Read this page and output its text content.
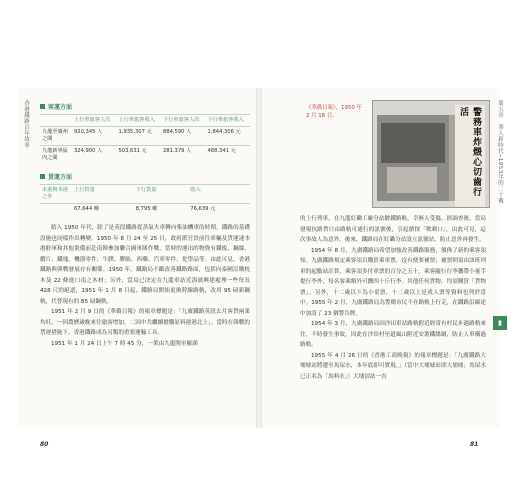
香港鐵路百年故事	第五章　華人新時代─1953年的二十載
客運方面
	上行車旅客人次	上行車旅客收入	下行車旅客人次	下行車旅客收入
九龍至廣州之間	920,345 人	1,935,307 元	884,590 人	1,844,306 元
九龍新界區內之間	324,900 人	503,631 元	281,379 人	488,341 元
貨運方面
本港與本港之外	上行貨量	下行貨量	收入
	67,644 噸	8,795 噸	76,639 元

踏入 1950 年代，除了是英段鐵路從蒸氣火車轉向柴油機車的時期，鐵路的基礎設施也同樣作出轉變。1950 年 8 月 24 至 25 日，政府派官員前往車輛及貨運速本港駐軍和其他裝備前赴南韓參加聯合國軍隊作戰，當時的運出的物資有鐵板、鋼絲、纜片、鐵塊、機器零件、牛膠、膠胎、西藥、汽車零件、化學品等。由此可見，香港鐵路與韓戰發展存有關係。1950 年，鐵路局不斷改善鐵路路面，包括向泰國訂購枕木及 22 條進口南之木材；另外，當局已決定在九龍車站近海濱興建處理一些每長 428 尺的絕道，1951 年 1 月 8 日起，鐵路局開始更換幹線路軌，改用 95 磅新鋼軌，代替現有的 85 磅鋼軌。

1951 年 2 月 9 日的《華僑日報》的報章標題是：「九廣鐵路英段去月客貨兩業均旺，一因農曆歲晚來往旅客增加，二因中共繼續搶購原料運港北上」。當時在韓戰的禁運措施下，香港鐵路成為另類的重要運輸工具。

1951 年 1 月 24 日上午 7 時 45 分，一架由九龍開至羅湖

《華僑日報》，1950 年 2 月 16 日。	警務車炸燬心切齒行活

的上行列車，在九龍紅磡工廠分站駛鐵路軌，幸無人受傷。經調查後，當局發現抗路貨只由路軌可通行的訊號後，引起搶探「軟刺口」，由此可見，這次事故人為意外。後來，鐵路局在紅磡分站設立訊號站，防止意外再發生。

1954 年 8 月，九廣鐵路局希望加強改善鐵路服務，頒佈了新的乘客須知。九廣鐵路規定乘客須以購買乘車票，沒有便要補票；補票則須由該班列車的起點站計算，乘客須多付車票的百分之五十。乘客隨行行李攜帶小量手提行李外，每名客乘額外可攜四十斤行李。其他任何貨物，均須購買「貨物票」。另外，十二歲以下為小童票，十二歲以上是成人票等資料也列於當中。1955 年 2 月，九廣鐵路局為警衛市民不在路軌上行走，在鐵路沿線途中加設了 23 個警告牌。

1954 年 3 月，九廣鐵路局因沙田車站路軌附近經常有村民步過路軌來往，不時發生事故，因此在沙田村至道風山附近安裝鐵絲網，防止人車橫過路軌。

1955 年 4 月 26 日的《香港工商晚報》的報章標題是：「九廣鐵路大埔墟站將遷至馬尿水，本年底即可實現。」（當中大埔墟站即大埔墟；馬尿水已正名為「馬料水」）大埔滘站一直

▮
80	81
